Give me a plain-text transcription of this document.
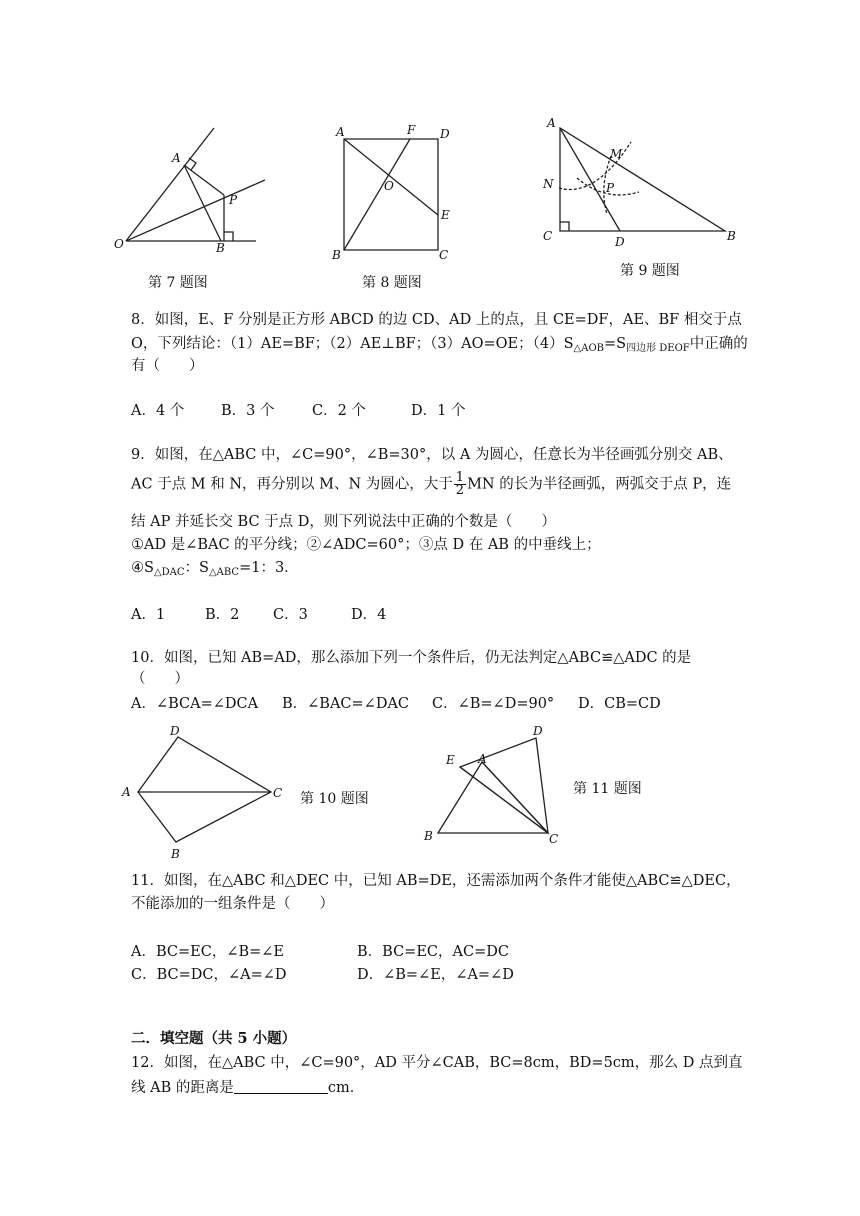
A
P
O	B
第 7 题图
A	F D
O
E
B	C
第 8 题图
A
M
N	P
C	D	B
第 9 题图
8．如图，E、F 分别是正方形 ABCD 的边 CD、AD 上的点，且 CE=DF，AE、BF 相交于点
O，下列结论：（1）AE=BF；（2）AE⊥BF；（3）AO=OE；$(4)S_{\triangle AOB}=S_{四边形 DEOF}$中正确的
有（　　）
A．4 个	B．3 个	C．2 个	D．1 个
9．如图，在△ABC 中，∠C=90°，∠B=30°，以 A 为圆心，任意长为半径画弧分别交 AB、
AC 于点 M 和 N，再分别以 M、N 为圆心，大于 $\frac{1}{2}$ MN 的长为半径画弧，两弧交于点 P，连
结 AP 并延长交 BC 于点 D，则下列说法中正确的个数是（　　）
①AD 是∠BAC 的平分线；②∠ADC=60°；③点 D 在 AB 的中垂线上；
$④S_{\triangle DAC}$：$S_{\triangle ABC}=1$：3．
A．1	B．2 C．3	D．4
10．如图，已知 AB=AD，那么添加下列一个条件后，仍无法判定△ABC≌△ADC 的是
（　　）
A．∠BCA=∠DCA B．∠BAC=∠DAC C．∠B=∠D=90° D．CB=CD
D
A	C
B
第 10 题图
D
E A
B	C
第 11 题图
11．如图，在△ABC 和△DEC 中，已知 AB=DE，还需添加两个条件才能使△ABC≌△DEC，
不能添加的一组条件是（　　）
A．BC=EC，∠B=∠E	B．BC=EC，AC=DC
C．BC=DC，∠A=∠D	D．∠B=∠E，∠A=∠D
二．填空题（共 5 小题）
12．如图，在△ABC 中，∠C=90°，AD 平分∠CAB，BC=8cm，BD=5cm，那么 D 点到直
线 AB 的距离是	cm．
